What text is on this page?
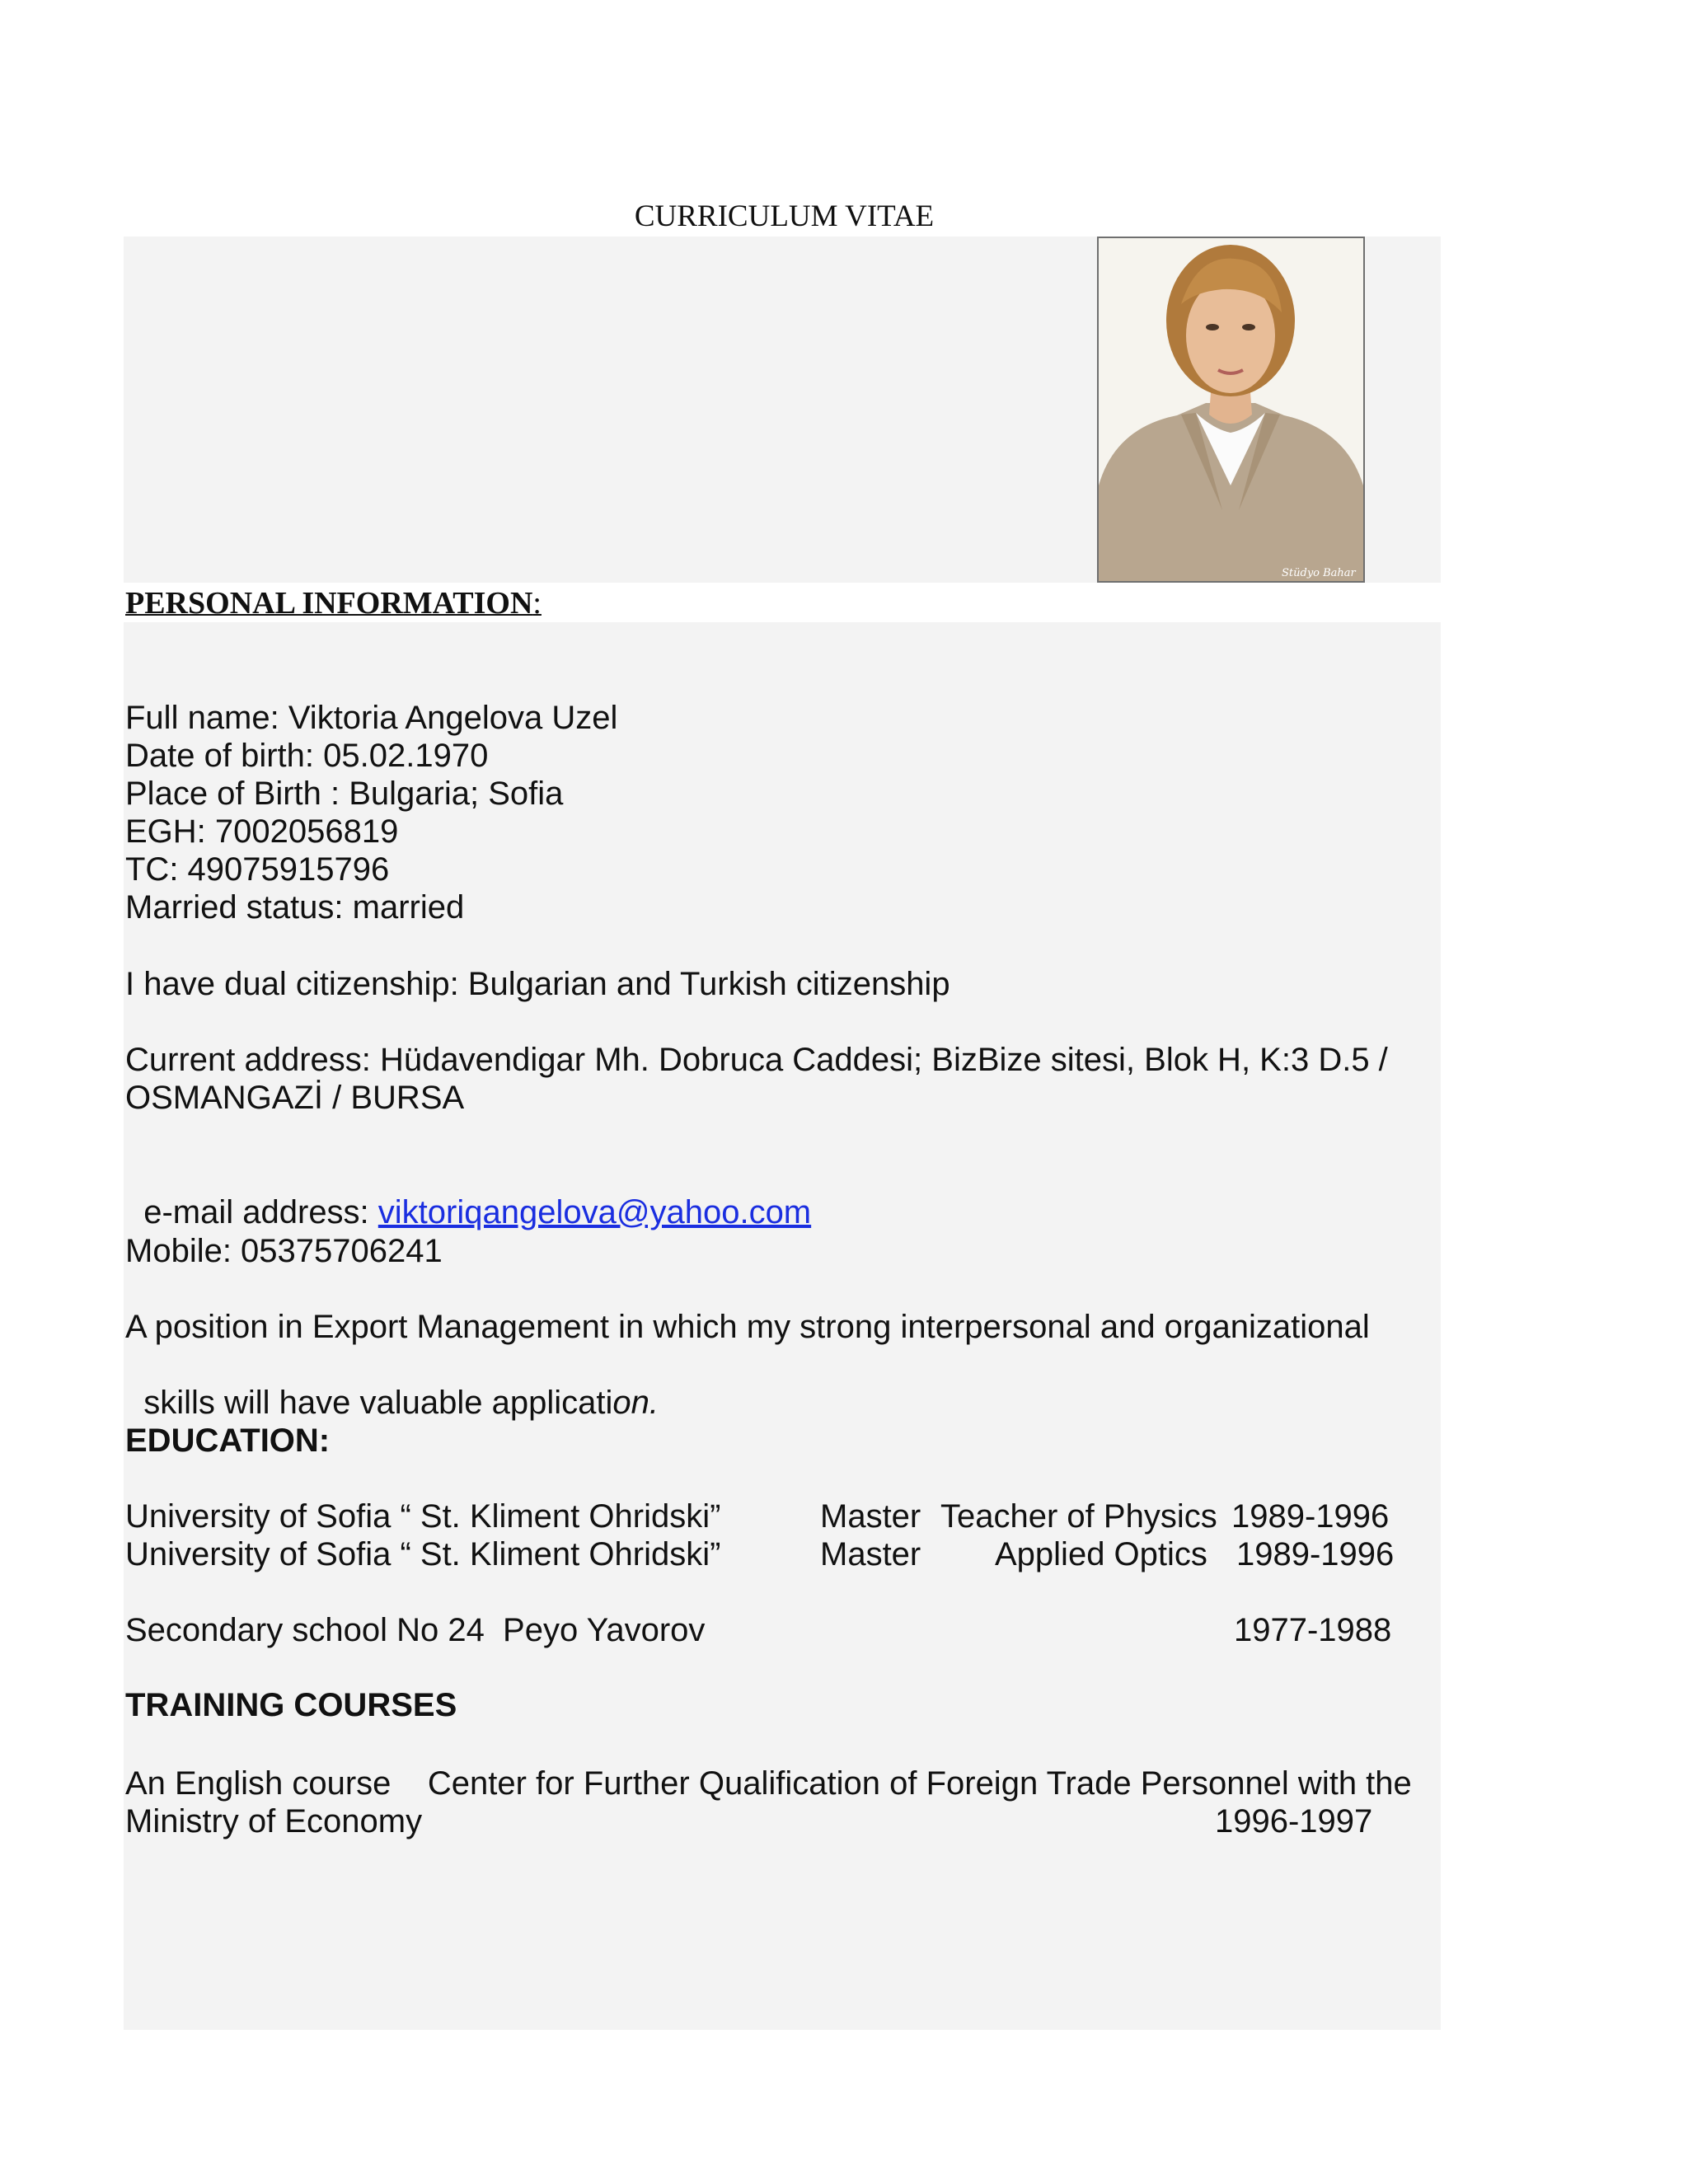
CURRICULUM VITAE
Stüdyo Bahar
PERSONAL INFORMATION:
Full name: Viktoria Angelova Uzel
Date of birth: 05.02.1970
Place of Birth : Bulgaria; Sofia
EGH: 7002056819
TC: 49075915796
Married status: married
I have dual citizenship: Bulgarian and Turkish citizenship
Current address: Hüdavendigar Mh. Dobruca Caddesi; BizBize sitesi, Blok H, K:3 D.5 /
OSMANGAZİ / BURSA

e-mail address: viktoriqangelova@yahoo.com

Mobile: 05375706241
A position in Export Management in which my strong interpersonal and organizational

skills will have valuable application.

EDUCATION:
University of Sofia “ St. Kliment Ohridski”	Master Teacher of Physics 1989-1996
University of Sofia “ St. Kliment Ohridski”	Master Applied Optics 1989-1996
Secondary school No 24  Peyo Yavorov	1977-1988
TRAINING COURSES
An English course    Center for Further Qualification of Foreign Trade Personnel with the
Ministry of Economy	1996-1997
